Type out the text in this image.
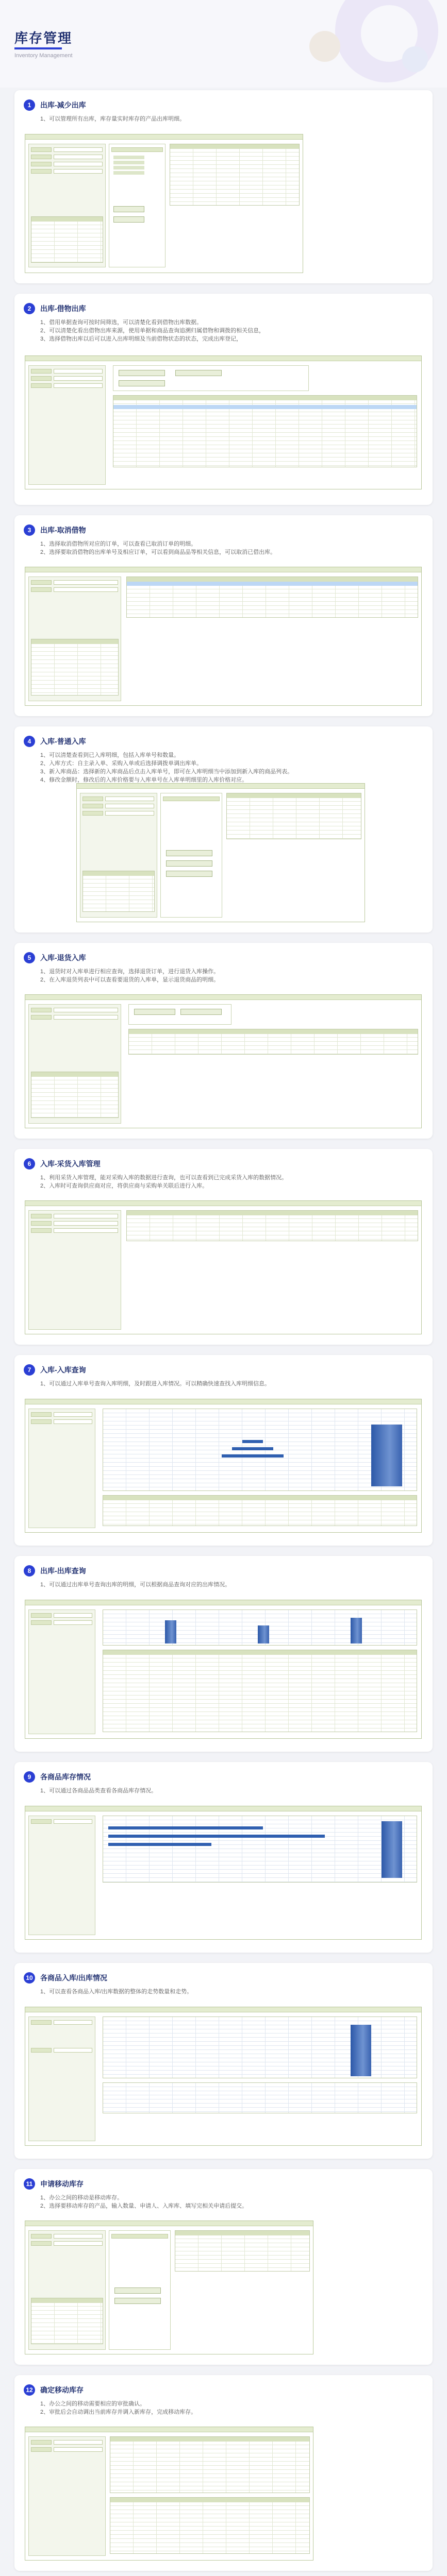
库存管理
Inventory Management
1 出库-减少出库
1、可以管理所有出库，库存量实时库存的产品出库明细。
2 出库-借物出库
1、借用单据查询可按时间筛选，可以清楚化看到借物出库数据。
2、可以清楚化看出借物出库来源，使用单据和商品查询追溯归属借物和调拨的相关信息，
3、选择借物出库以后可以进入出库明细及当前借物状态的状态，完成出库登记，
3 出库-取消借物
1、选择取消借物所对应的订单，可以查看已取消订单的明细。
2、选择要取消借物的出库单号及相应订单，可以看到商品品等相关信息，可以取消已借出库。
4 入库-普通入库
1、可以清楚查看到已入库明细，包括入库单号和数量。
2、入库方式：自主录入单、采购入单或后选择调拨单调出库单。
3、新入库商品：选择新的入库商品后点击入库单号，即可在入库明细当中添加到新入库的商品列表。
4、修改金额时，修改后的入库价格要与入库单号在入库单明细里的入库价格对应。
5 入库-退货入库
1、退货时对入库单进行相应查询，选择退货订单，进行退货入库操作。
2、在入库退货列表中可以查看要退货的入库单，显示退货商品的明细。
6 入库-采货入库管理
1、利用采货入库管理，能对采购入库的数据进行查询，也可以查看到已完成采货入库的数据情况。
2、入库时可查询供应商对应，将供应商与采购单关联后进行入库。
7 入库-入库查询
1、可以通过入库单号查询入库明细，及时跟进入库情况。可以精确快速查找入库明细信息。
8 出库-出库查询
1、可以通过出库单号查询出库的明细，可以根据商品查询对应的出库情况。
9 各商品库存情况
1、可以通过各商品品类查看各商品库存情况。
10 各商品入库/出库情况
1、可以查看各商品入库/出库数据的整体的走势数量和走势。
11 申请移动库存
1、办公之间的移动是移动库存。
2、选择要移动库存的产品，输入数量、申请人、入库库、填写完相关申请后提交。
12 确定移动库存
1、办公之间的移动需要相应的审批确认。
2、审批后会自动调出当前库存并调入新库存，完成移动库存。
